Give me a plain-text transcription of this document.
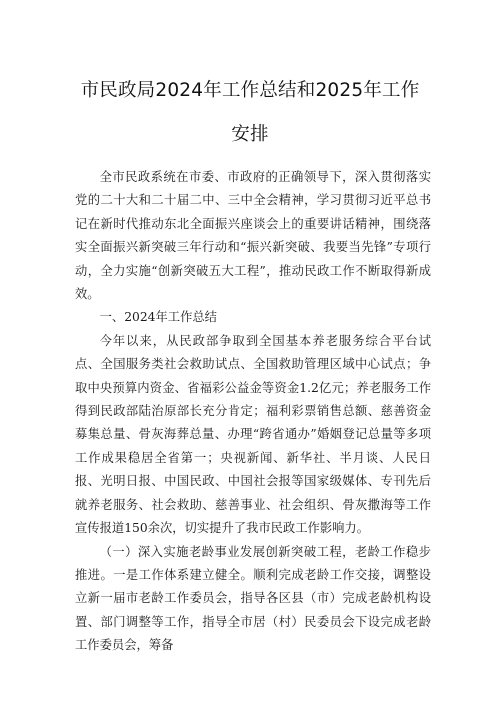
市民政局2024年工作总结和2025年工作
安排

全市民政系统在市委、市政府的正确领导下，深入贯彻落实党的二十大和二十届二中、三中全会精神，学习贯彻习近平总书记在新时代推动东北全面振兴座谈会上的重要讲话精神，围绕落实全面振兴新突破三年行动和“振兴新突破、我要当先锋”专项行动，全力实施“创新突破五大工程”，推动民政工作不断取得新成效。

一、2024年工作总结

今年以来，从民政部争取到全国基本养老服务综合平台试点、全国服务类社会救助试点、全国救助管理区域中心试点；争取中央预算内资金、省福彩公益金等资金1.2亿元；养老服务工作得到民政部陆治原部长充分肯定；福利彩票销售总额、慈善资金募集总量、骨灰海葬总量、办理“跨省通办”婚姻登记总量等多项工作成果稳居全省第一；央视新闻、新华社、半月谈、人民日报、光明日报、中国民政、中国社会报等国家级媒体、专刊先后就养老服务、社会救助、慈善事业、社会组织、骨灰撒海等工作宣传报道150余次，切实提升了我市民政工作影响力。

（一）深入实施老龄事业发展创新突破工程，老龄工作稳步推进。一是工作体系建立健全。顺利完成老龄工作交接，调整设立新一届市老龄工作委员会，指导各区县（市）完成老龄机构设置、部门调整等工作，指导全市居（村）民委员会下设完成老龄工作委员会，筹备
